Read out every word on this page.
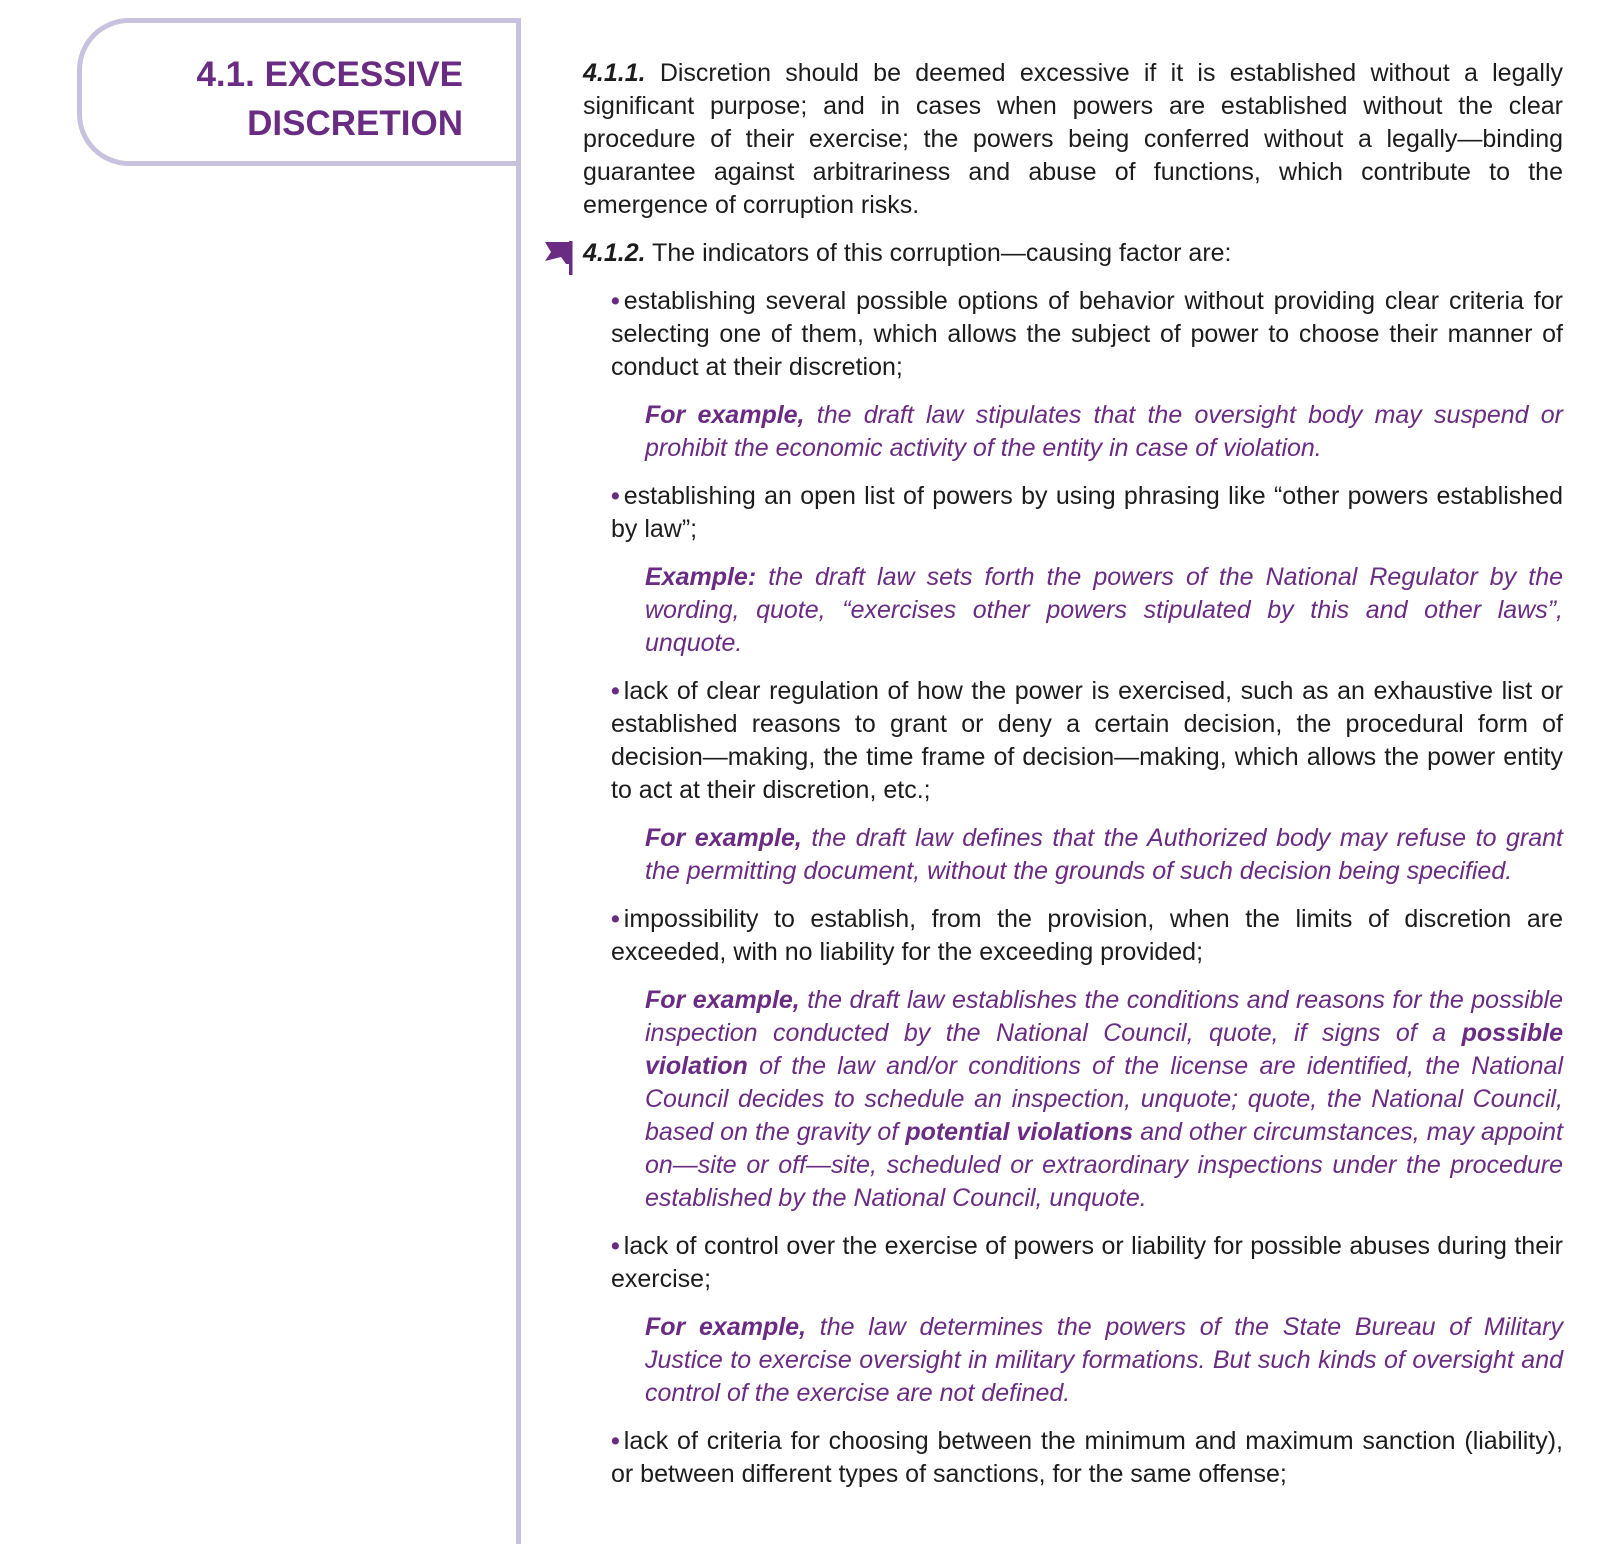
4.1. EXCESSIVE
DISCRETION

4.1.1. Discretion should be deemed excessive if it is established without a legally significant purpose; and in cases when powers are established without the clear procedure of their exercise; the powers being conferred without a legally—binding guarantee against arbitrariness and abuse of functions, which contribute to the emergence of corruption risks.

4.1.2. The indicators of this corruption—causing factor are:

• establishing several possible options of behavior without providing clear criteria for selecting one of them, which allows the subject of power to choose their manner of conduct at their discretion;

For example, the draft law stipulates that the oversight body may suspend or prohibit the economic activity of the entity in case of violation.

• establishing an open list of powers by using phrasing like “other powers established by law”;

Example: the draft law sets forth the powers of the National Regulator by the wording, quote, “exercises other powers stipulated by this and other laws”, unquote.

• lack of clear regulation of how the power is exercised, such as an exhaustive list or established reasons to grant or deny a certain decision, the procedural form of decision—making, the time frame of decision—making, which allows the power entity to act at their discretion, etc.;

For example, the draft law defines that the Authorized body may refuse to grant the permitting document, without the grounds of such decision being specified.

• impossibility to establish, from the provision, when the limits of discretion are exceeded, with no liability for the exceeding provided;

For example, the draft law establishes the conditions and reasons for the possible inspection conducted by the National Council, quote, if signs of a possible violation of the law and/or conditions of the license are identified, the National Council decides to schedule an inspection, unquote; quote, the National Council, based on the gravity of potential violations and other circumstances, may appoint on—site or off—site, scheduled or extraordinary inspections under the procedure established by the National Council, unquote.

• lack of control over the exercise of powers or liability for possible abuses during their exercise;

For example, the law determines the powers of the State Bureau of Military Justice to exercise oversight in military formations. But such kinds of oversight and control of the exercise are not defined.

• lack of criteria for choosing between the minimum and maximum sanction (liability), or between different types of sanctions, for the same offense;
